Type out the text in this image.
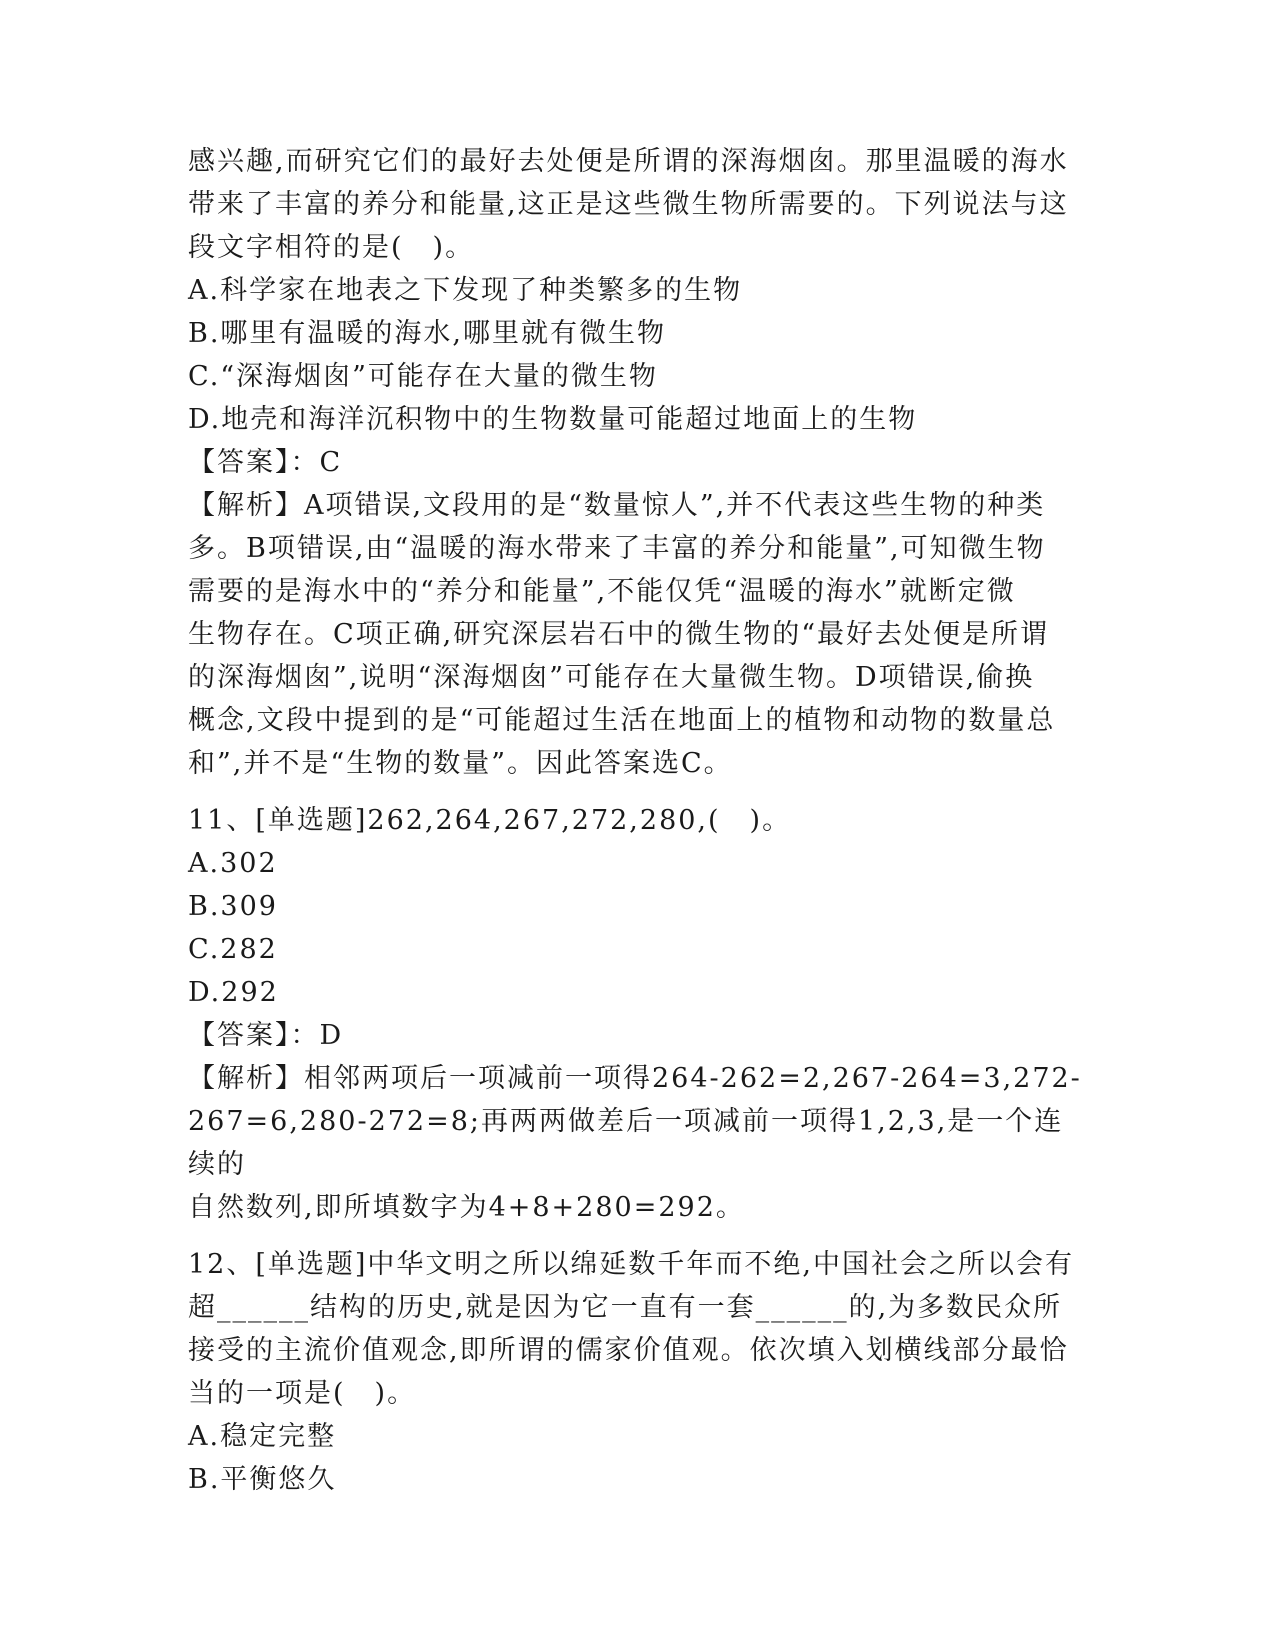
感兴趣,而研究它们的最好去处便是所谓的深海烟囱。那里温暖的海水

带来了丰富的养分和能量,这正是这些微生物所需要的。下列说法与这

段文字相符的是(　)。

A.科学家在地表之下发现了种类繁多的生物

B.哪里有温暖的海水,哪里就有微生物

C.“深海烟囱”可能存在大量的微生物

D.地壳和海洋沉积物中的生物数量可能超过地面上的生物

【答案】：C

【解析】A项错误,文段用的是“数量惊人”,并不代表这些生物的种类

多。B项错误,由“温暖的海水带来了丰富的养分和能量”,可知微生物

需要的是海水中的“养分和能量”,不能仅凭“温暖的海水”就断定微

生物存在。C项正确,研究深层岩石中的微生物的“最好去处便是所谓

的深海烟囱”,说明“深海烟囱”可能存在大量微生物。D项错误,偷换

概念,文段中提到的是“可能超过生活在地面上的植物和动物的数量总

和”,并不是“生物的数量”。因此答案选C。

11、[单选题]262,264,267,272,280,(　)。

A.302

B.309

C.282

D.292

【答案】：D

【解析】相邻两项后一项减前一项得264-262=2,267-264=3,272-

267=6,280-272=8;再两两做差后一项减前一项得1,2,3,是一个连续的

自然数列,即所填数字为4+8+280=292。

12、[单选题]中华文明之所以绵延数千年而不绝,中国社会之所以会有

超______结构的历史,就是因为它一直有一套______的,为多数民众所

接受的主流价值观念,即所谓的儒家价值观。依次填入划横线部分最恰

当的一项是(　)。

A.稳定完整

B.平衡悠久
